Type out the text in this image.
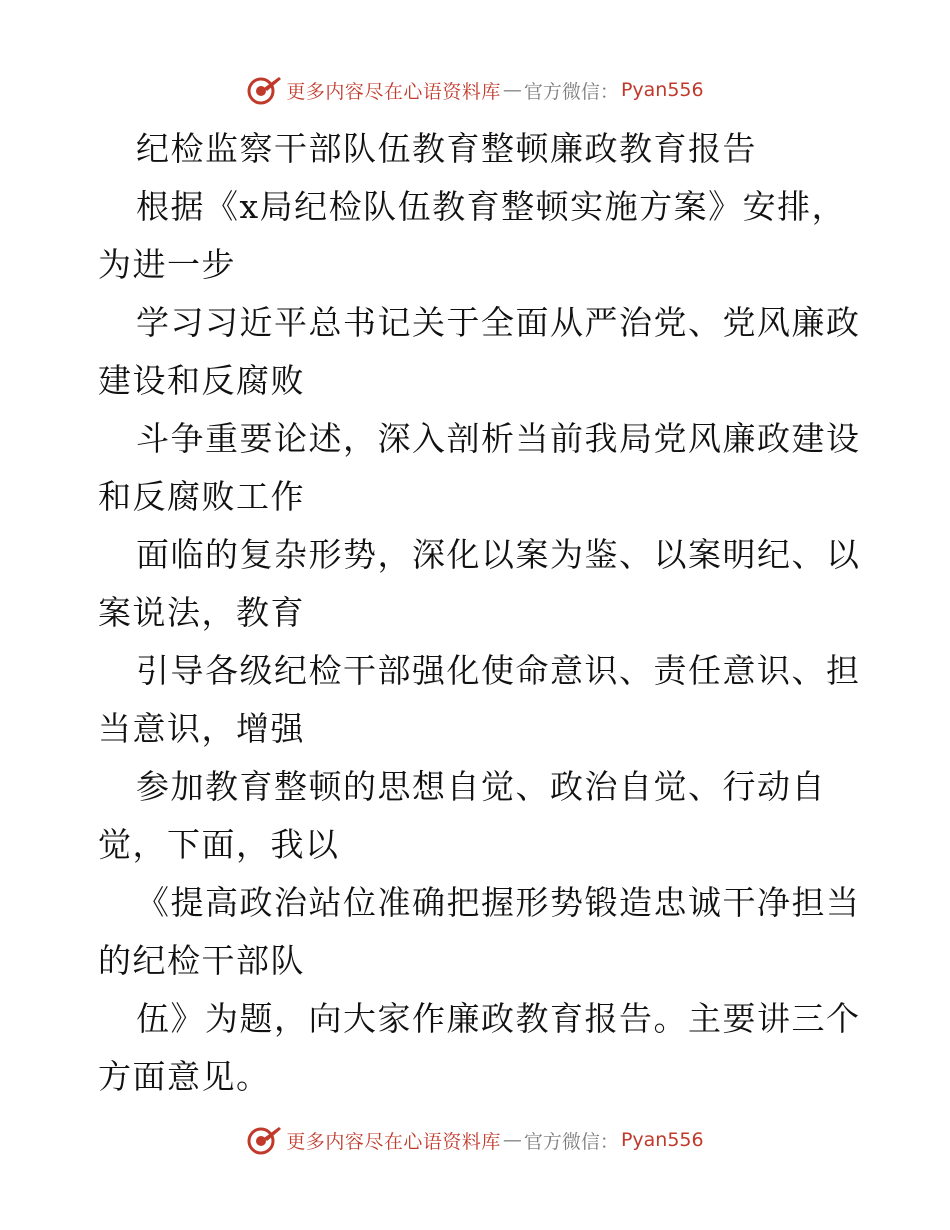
更多内容尽在心语资料库 — 官方微信： Pyan556
纪检监察干部队伍教育整顿廉政教育报告
根据《x局纪检队伍教育整顿实施方案》安排，
为进一步
学习习近平总书记关于全面从严治党、党风廉政
建设和反腐败
斗争重要论述，深入剖析当前我局党风廉政建设
和反腐败工作
面临的复杂形势，深化以案为鉴、以案明纪、以
案说法，教育
引导各级纪检干部强化使命意识、责任意识、担
当意识，增强
参加教育整顿的思想自觉、政治自觉、行动自
觉，下面，我以
《提高政治站位准确把握形势锻造忠诚干净担当
的纪检干部队
伍》为题，向大家作廉政教育报告。主要讲三个
方面意见。
更多内容尽在心语资料库 — 官方微信： Pyan556
